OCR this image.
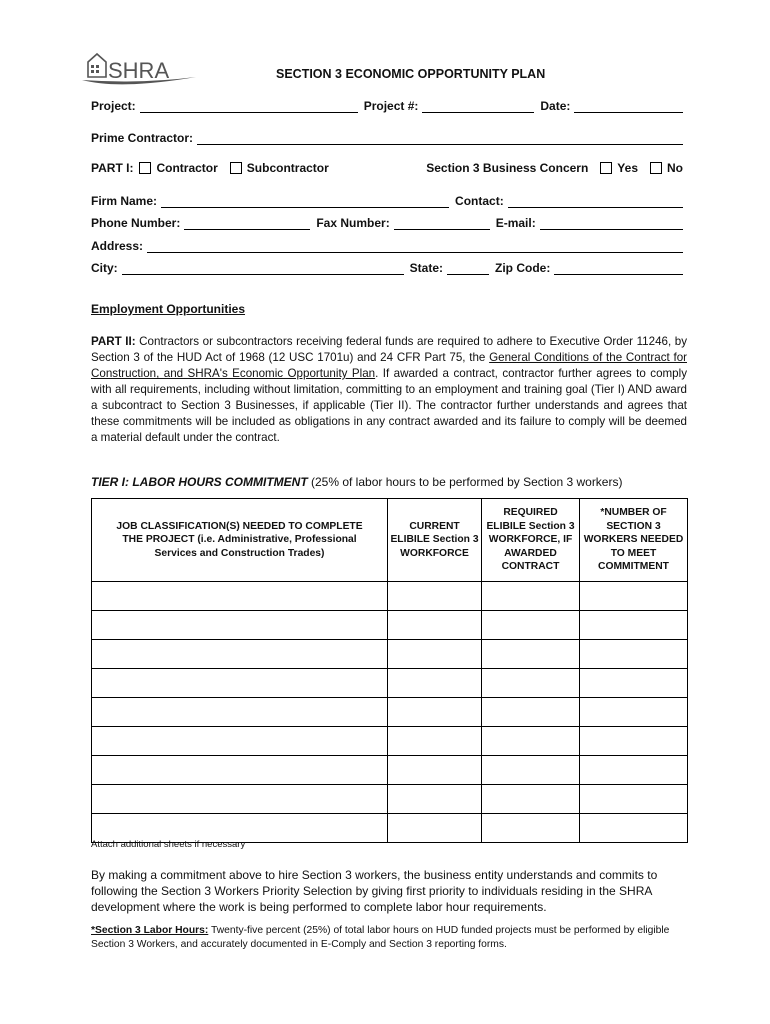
SHRA	SECTION 3 ECONOMIC OPPORTUNITY PLAN
Project:	Project #:	Date:
Prime Contractor:
PART I:	Contractor	Subcontractor	Section 3 Business Concern	Yes	No
Firm Name:	Contact:
Phone Number:	Fax Number:	E-mail:
Address:
City:	State:	Zip Code:
Employment Opportunities
PART II: Contractors or subcontractors receiving federal funds are required to adhere to Executive Order 11246, by Section 3 of the HUD Act of 1968 (12 USC 1701u) and 24 CFR Part 75, the General Conditions of the Contract for Construction, and SHRA's Economic Opportunity Plan. If awarded a contract, contractor further agrees to comply with all requirements, including without limitation, committing to an employment and training goal (Tier I) AND award a subcontract to Section 3 Businesses, if applicable (Tier II). The contractor further understands and agrees that these commitments will be included as obligations in any contract awarded and its failure to comply will be deemed a material default under the contract.
TIER I: LABOR HOURS COMMITMENT (25% of labor hours to be performed by Section 3 workers)
JOB CLASSIFICATION(S) NEEDED TO COMPLETE THE PROJECT (i.e. Administrative, Professional Services and Construction Trades)	CURRENT ELIBILE Section 3 WORKFORCE	REQUIRED ELIBILE Section 3 WORKFORCE, IF AWARDED CONTRACT	*NUMBER OF SECTION 3 WORKERS NEEDED TO MEET COMMITMENT

Attach additional sheets if necessary
By making a commitment above to hire Section 3 workers, the business entity understands and commits to following the Section 3 Workers Priority Selection by giving first priority to individuals residing in the SHRA development where the work is being performed to complete labor hour requirements.
*Section 3 Labor Hours: Twenty-five percent (25%) of total labor hours on HUD funded projects must be performed by eligible Section 3 Workers, and accurately documented in E-Comply and Section 3 reporting forms.
